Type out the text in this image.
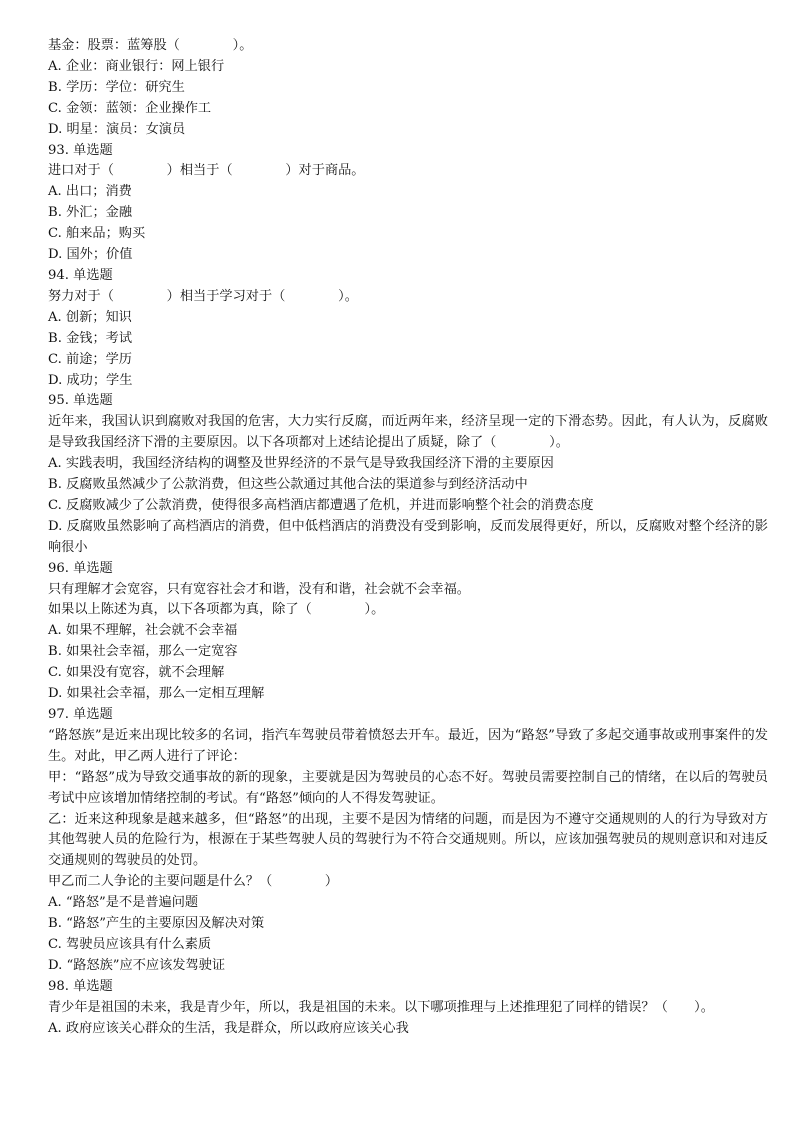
基金：股票：蓝筹股（　　　　）。
A. 企业：商业银行：网上银行
B. 学历：学位：研究生
C. 金领：蓝领：企业操作工
D. 明星：演员：女演员
93. 单选题
进口对于（　　　　）相当于（　　　　）对于商品。
A. 出口；消费
B. 外汇；金融
C. 舶来品；购买
D. 国外；价值
94. 单选题
努力对于（　　　　）相当于学习对于（　　　　）。
A. 创新；知识
B. 金钱；考试
C. 前途；学历
D. 成功；学生
95. 单选题
近年来，我国认识到腐败对我国的危害，大力实行反腐，而近两年来，经济呈现一定的下滑态势。因此，有人认为，反腐败是导致我国经济下滑的主要原因。以下各项都对上述结论提出了质疑，除了（　　　　）。
A. 实践表明，我国经济结构的调整及世界经济的不景气是导致我国经济下滑的主要原因
B. 反腐败虽然减少了公款消费，但这些公款通过其他合法的渠道参与到经济活动中
C. 反腐败减少了公款消费，使得很多高档酒店都遭遇了危机，并进而影响整个社会的消费态度
D. 反腐败虽然影响了高档酒店的消费，但中低档酒店的消费没有受到影响，反而发展得更好，所以，反腐败对整个经济的影响很小
96. 单选题
只有理解才会宽容，只有宽容社会才和谐，没有和谐，社会就不会幸福。
如果以上陈述为真，以下各项都为真，除了（　　　　）。
A. 如果不理解，社会就不会幸福
B. 如果社会幸福，那么一定宽容
C. 如果没有宽容，就不会理解
D. 如果社会幸福，那么一定相互理解
97. 单选题
“路怒族”是近来出现比较多的名词，指汽车驾驶员带着愤怒去开车。最近，因为“路怒”导致了多起交通事故或刑事案件的发生。对此，甲乙两人进行了评论：
甲：“路怒”成为导致交通事故的新的现象，主要就是因为驾驶员的心态不好。驾驶员需要控制自己的情绪，在以后的驾驶员考试中应该增加情绪控制的考试。有“路怒”倾向的人不得发驾驶证。
乙：近来这种现象是越来越多，但“路怒”的出现，主要不是因为情绪的问题，而是因为不遵守交通规则的人的行为导致对方其他驾驶人员的危险行为，根源在于某些驾驶人员的驾驶行为不符合交通规则。所以，应该加强驾驶员的规则意识和对违反交通规则的驾驶员的处罚。
甲乙而二人争论的主要问题是什么？（　　　　）
A. “路怒”是不是普遍问题
B. “路怒”产生的主要原因及解决对策
C. 驾驶员应该具有什么素质
D. “路怒族”应不应该发驾驶证
98. 单选题
青少年是祖国的未来，我是青少年，所以，我是祖国的未来。以下哪项推理与上述推理犯了同样的错误？（　　）。
A. 政府应该关心群众的生活，我是群众，所以政府应该关心我
